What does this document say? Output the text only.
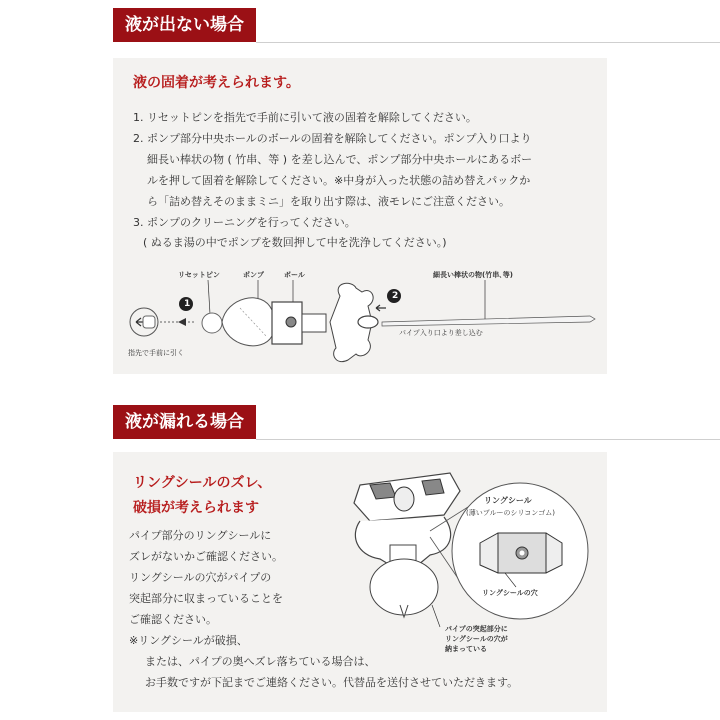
液が出ない場合
液の固着が考えられます。
1. リセットピンを指先で手前に引いて液の固着を解除してください。
2. ポンプ部分中央ホールのボールの固着を解除してください。ポンプ入り口より
細長い棒状の物 ( 竹串、等 ) を差し込んで、ポンプ部分中央ホールにあるボー
ルを押して固着を解除してください。※中身が入った状態の詰め替えパックか
ら「詰め替えそのままミニ」を取り出す際は、液モレにご注意ください。
3. ポンプのクリーニングを行ってください。
( ぬるま湯の中でポンプを数回押して中を洗浄してください。)
リセットピン	ポンプ	ボール	細長い棒状の物(竹串､等)
1
2
指先で手前に引く
パイプ入り口より差し込む
液が漏れる場合
リングシールのズレ、
破損が考えられます
パイプ部分のリングシールに
ズレがないかご確認ください。
リングシールの穴がパイプの
突起部分に収まっていることを
ご確認ください。
※リングシールが破損、
または、パイプの奥へズレ落ちている場合は、
お手数ですが下記までご連絡ください。代替品を送付させていただきます。
リングシール
(薄いブルーのシリコンゴム)
リングシールの穴
パイプの突起部分に
リングシールの穴が
納まっている
